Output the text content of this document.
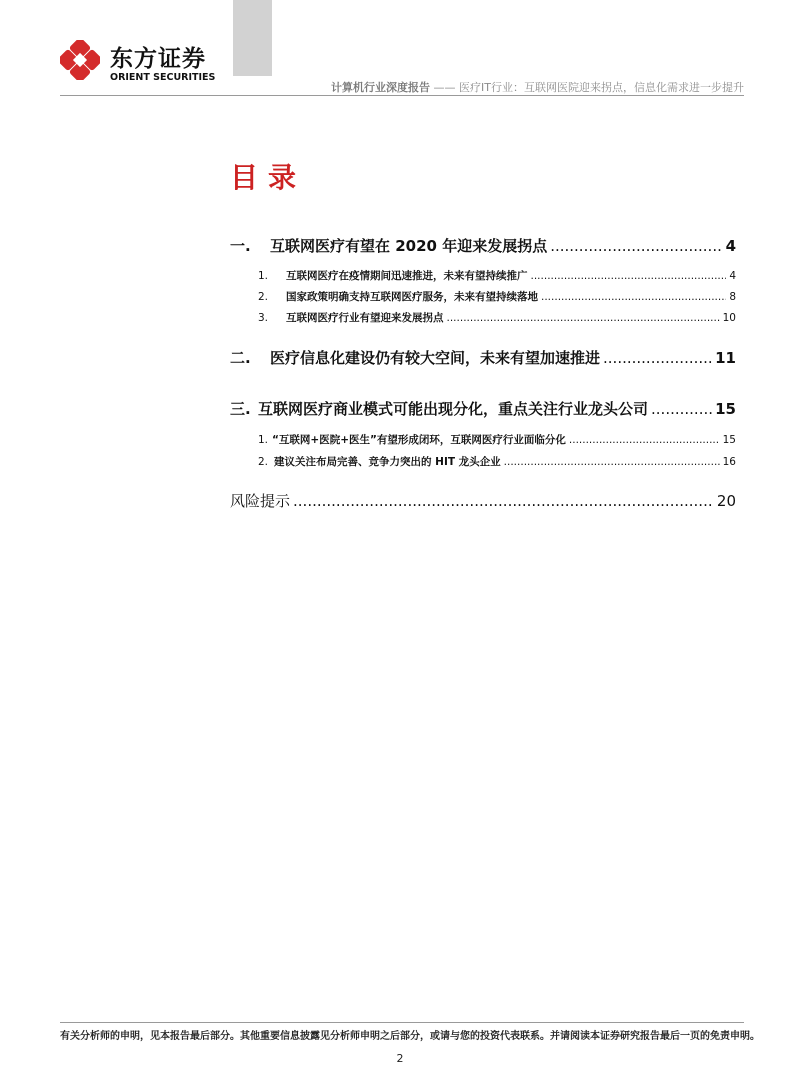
东方证券
ORIENT SECURITIES
计算机行业深度报告 —— 医疗IT行业：互联网医院迎来拐点，信息化需求进一步提升
目录
一.	互联网医疗有望在 2020 年迎来发展拐点 .....	4
1.	互联网医疗在疫情期间迅速推进，未来有望持续推广 .....	4
2.	国家政策明确支持互联网医疗服务，未来有望持续落地 .....	8
3.	互联网医疗行业有望迎来发展拐点 .....	10
二.	医疗信息化建设仍有较大空间，未来有望加速推进 .....	11
三. 互联网医疗商业模式可能出现分化，重点关注行业龙头公司 .....	15
1. “互联网+医院+医生”有望形成闭环，互联网医疗行业面临分化 .....	15
2. 建议关注布局完善、竞争力突出的 HIT 龙头企业 .....	16
风险提示 .....	20
有关分析师的申明，见本报告最后部分。其他重要信息披露见分析师申明之后部分，或请与您的投资代表联系。并请阅读本证券研究报告最后一页的免责申明。
2
